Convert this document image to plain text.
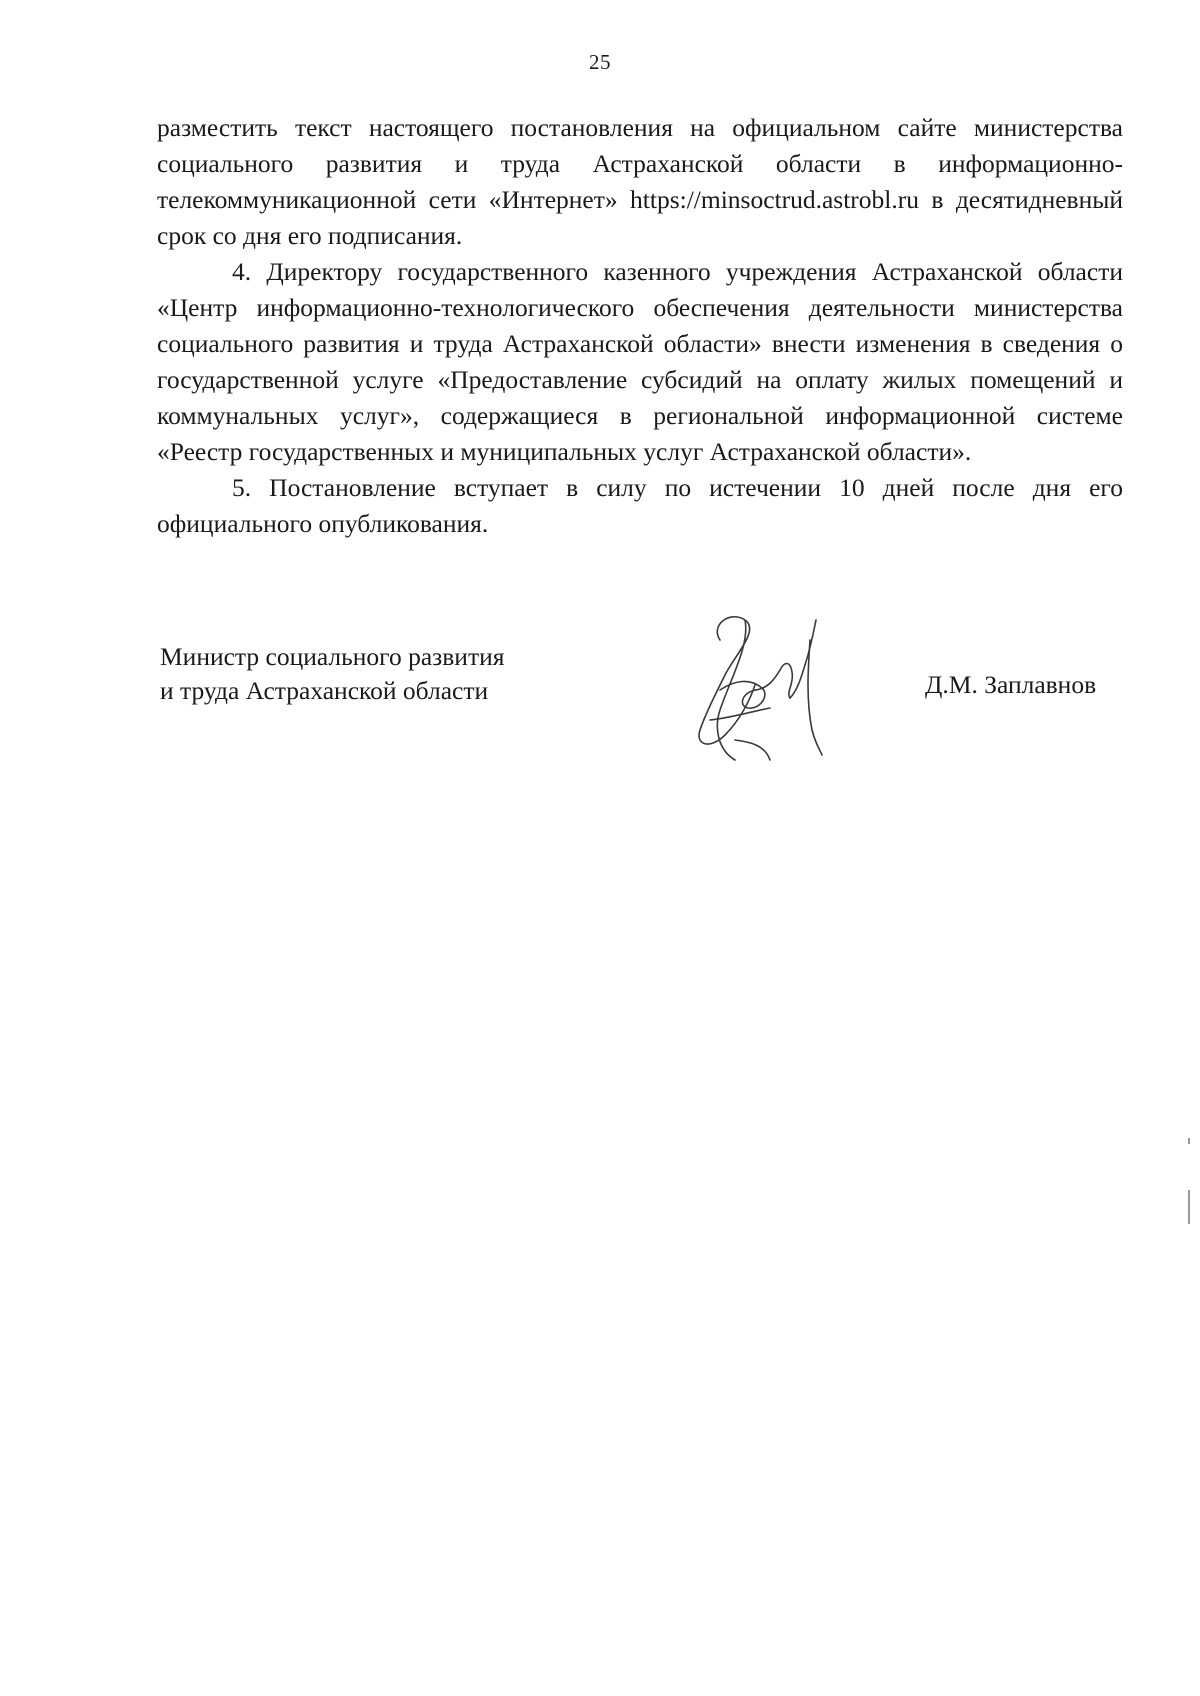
25

разместить текст настоящего постановления на официальном сайте министерства социального развития и труда Астраханской области в информационнотелекоммуникационной сети «Интернет» https://minsoctrud.astrobl.ru в десятидневный срок со дня его подписания.

4. Директору государственного казенного учреждения Астраханской области «Центр информационно-технологического обеспечения деятельности министерства социального развития и труда Астраханской области» внести изменения в сведения о государственной услуге «Предоставление субсидий на оплату жилых помещений и коммунальных услуг», содержащиеся в региональной информационной системе «Реестр государственных и муниципальных услуг Астраханской области».

5. Постановление вступает в силу по истечении 10 дней после дня его официального опубликования.

Министр социального развития
и труда Астраханской области	Д.М. Заплавнов
